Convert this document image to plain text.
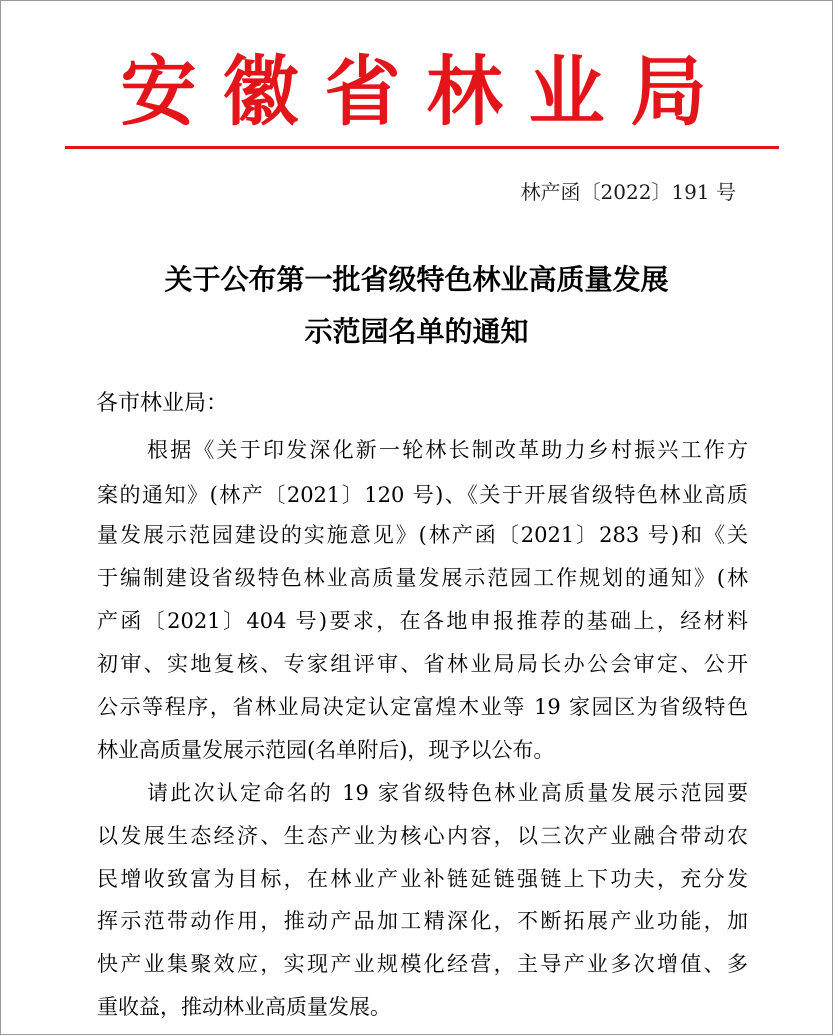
安徽省林业局
林产函〔2022〕191 号
关于公布第一批省级特色林业高质量发展
示范园名单的通知
各市林业局：
根据《关于印发深化新一轮林长制改革助力乡村振兴工作方
案的通知》(林产〔2021〕120 号)、《关于开展省级特色林业高质
量发展示范园建设的实施意见》(林产函〔2021〕283 号)和《关
于编制建设省级特色林业高质量发展示范园工作规划的通知》(林
产函〔2021〕404 号)要求，在各地申报推荐的基础上，经材料
初审、实地复核、专家组评审、省林业局局长办公会审定、公开
公示等程序，省林业局决定认定富煌木业等 19 家园区为省级特色
林业高质量发展示范园(名单附后)，现予以公布。
请此次认定命名的 19 家省级特色林业高质量发展示范园要
以发展生态经济、生态产业为核心内容，以三次产业融合带动农
民增收致富为目标，在林业产业补链延链强链上下功夫，充分发
挥示范带动作用，推动产品加工精深化，不断拓展产业功能，加
快产业集聚效应，实现产业规模化经营，主导产业多次增值、多
重收益，推动林业高质量发展。
